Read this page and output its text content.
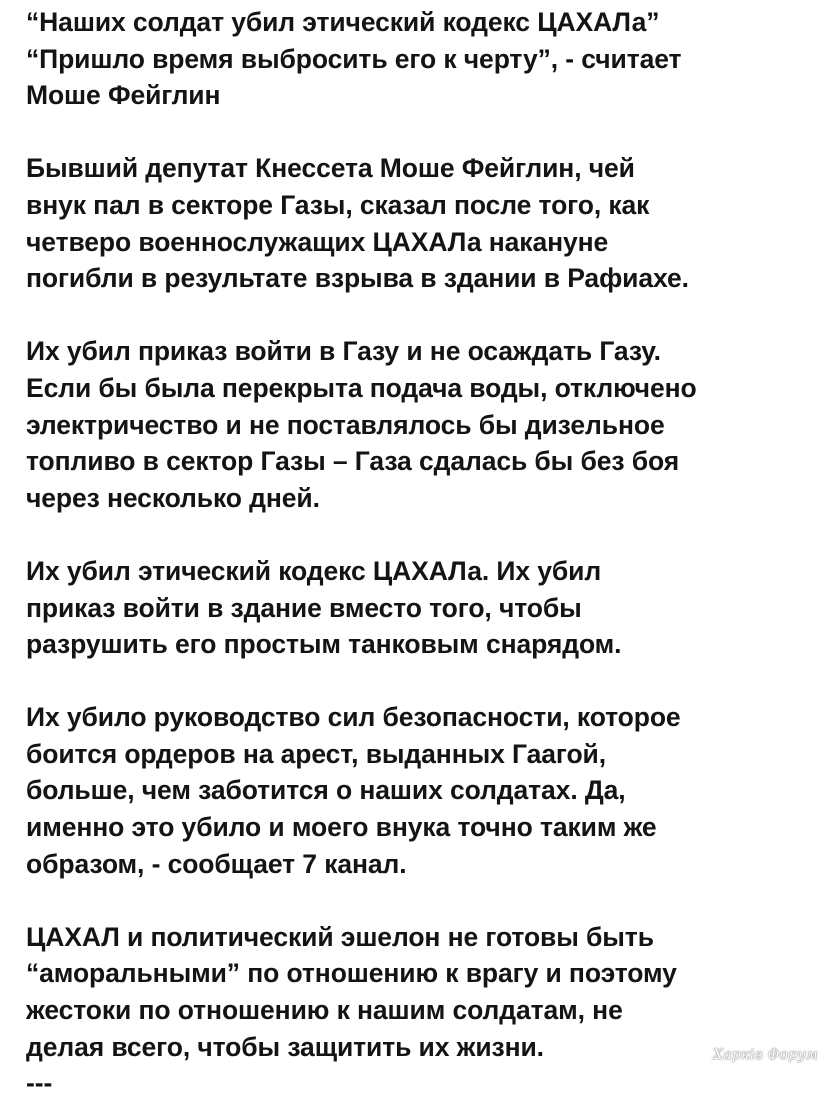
“Наших солдат убил этический кодекс ЦАХАЛа”
“Пришло время выбросить его к черту”, - считает
Моше Фейглин
Бывший депутат Кнессета Моше Фейглин, чей
внук пал в секторе Газы, сказал после того, как
четверо военнослужащих ЦАХАЛа накануне
погибли в результате взрыва в здании в Рафиахе.
Их убил приказ войти в Газу и не осаждать Газу.
Если бы была перекрыта подача воды, отключено
электричество и не поставлялось бы дизельное
топливо в сектор Газы – Газа сдалась бы без боя
через несколько дней.
Их убил этический кодекс ЦАХАЛа. Их убил
приказ войти в здание вместо того, чтобы
разрушить его простым танковым снарядом.
Их убило руководство сил безопасности, которое
боится ордеров на арест, выданных Гаагой,
больше, чем заботится о наших солдатах. Да,
именно это убило и моего внука точно таким же
образом, - сообщает 7 канал.
ЦАХАЛ и политический эшелон не готовы быть
“аморальными” по отношению к врагу и поэтому
жестоки по отношению к нашим солдатам, не
делая всего, чтобы защитить их жизни.
---
Харків Форум
